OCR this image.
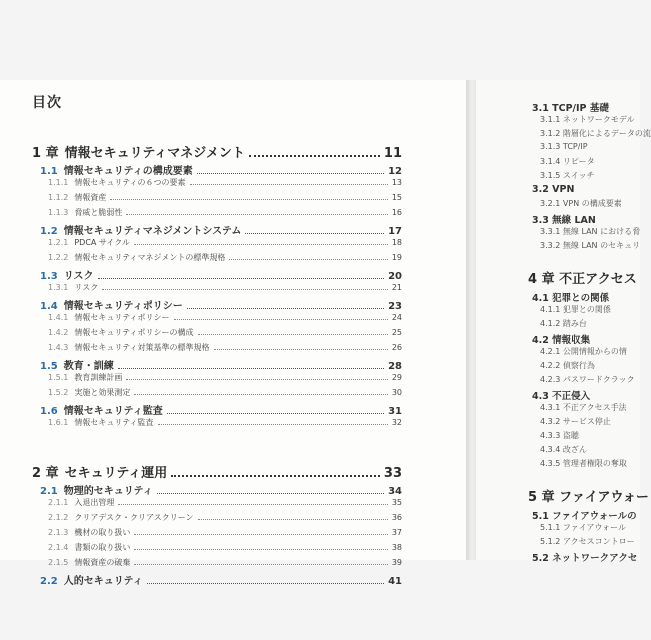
目次
1 章 情報セキュリティマネジメント	11
1.1 情報セキュリティの構成要素	12
1.1.1 情報セキュリティの６つの要素	13
1.1.2 情報資産	15
1.1.3 脅威と脆弱性	16
1.2 情報セキュリティマネジメントシステム	17
1.2.1 PDCA サイクル	18
1.2.2 情報セキュリティマネジメントの標準規格	19
1.3 リスク	20
1.3.1 リスク	21
1.4 情報セキュリティポリシー	23
1.4.1 情報セキュリティポリシー	24
1.4.2 情報セキュリティポリシーの構成	25
1.4.3 情報セキュリティ対策基準の標準規格	26
1.5 教育・訓練	28
1.5.1 教育訓練計画	29
1.5.2 実施と効果測定	30
1.6 情報セキュリティ監査	31
1.6.1 情報セキュリティ監査	32
2 章 セキュリティ運用	33
2.1 物理的セキュリティ	34
2.1.1 入退出管理	35
2.1.2 クリアデスク・クリアスクリーン	36
2.1.3 機材の取り扱い	37
2.1.4 書類の取り扱い	38
2.1.5 情報資産の破棄	39
2.2 人的セキュリティ	41
3.1 TCP/IP 基礎
3.1.1 ネットワークモデル
3.1.2 階層化によるデータの流
3.1.3 TCP/IP
3.1.4 リピータ
3.1.5 スイッチ
3.2 VPN
3.2.1 VPN の構成要素
3.3 無線 LAN
3.3.1 無線 LAN における脅
3.3.2 無線 LAN のセキュリ
4 章 不正アクセス
4.1 犯罪との関係
4.1.1 犯罪との関係
4.1.2 踏み台
4.2 情報収集
4.2.1 公開情報からの情
4.2.2 偵察行為
4.2.3 パスワードクラック
4.3 不正侵入
4.3.1 不正アクセス手法
4.3.2 サービス停止
4.3.3 盗聴
4.3.4 改ざん
4.3.5 管理者権限の奪取
5 章 ファイアウォー
5.1 ファイアウォールの
5.1.1 ファイアウォール
5.1.2 アクセスコントロー
5.2 ネットワークアクセ
